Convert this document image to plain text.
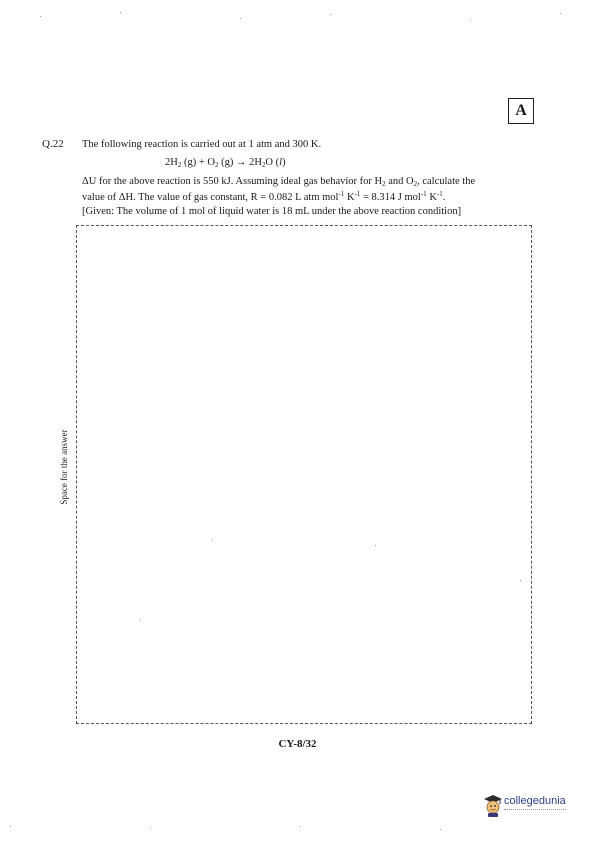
A
Q.22 The following reaction is carried out at 1 atm and 300 K.
$2H_2$ $(g) + O_2$ $(g) \to 2H_2O$ (l)
ΔU for the above reaction is 550 kJ. Assuming ideal gas behavior for $H_2$ and $O_2$, calculate the
value of ΔH. The value of gas constant, R = 0.082 L atm mol$^{-1}$ $K^{-1} = 8.314$ J mol$^{-1}$ $K^{-1}$.
[Given: The volume of 1 mol of liquid water is 18 mL under the above reaction condition]
Space for the answer
CY-8/32
collegedunia
